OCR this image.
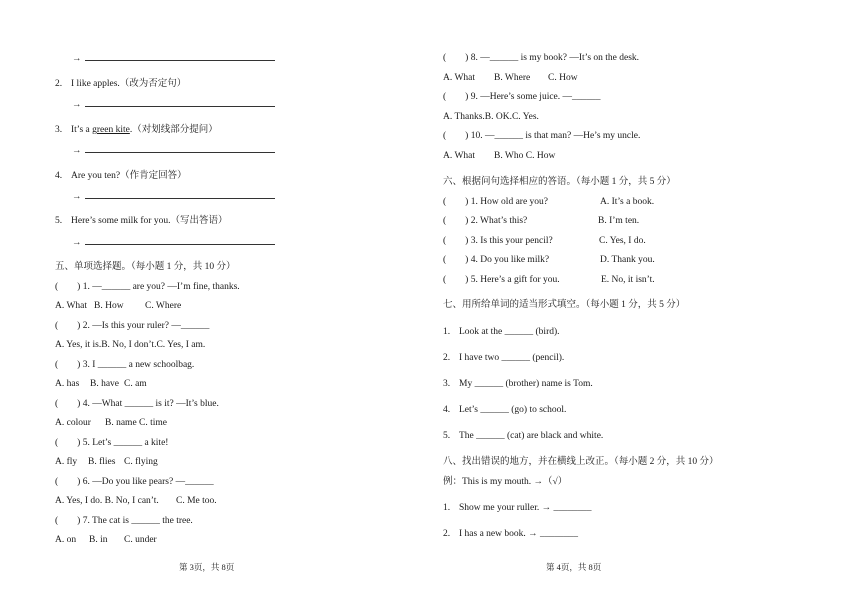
→
2. I like apples.（改为否定句）
→
3. It’s a green kite.（对划线部分提问）
→
4. Are you ten?（作肯定回答）
→
5. Here’s some milk for you.（写出答语）
→
五、单项选择题。（每小题 1 分，共 10 分）
(　　) 1. —______ are you? —I’m fine, thanks.
A. What B. How C. Where
(　　) 2. —Is this your ruler? —______
A. Yes, it is.B. No, I don’t.C. Yes, I am.
(　　) 3. I ______ a new schoolbag.
A. has B. have C. am
(　　) 4. —What ______ is it? —It’s blue.
A. colour B. name C. time
(　　) 5. Let’s ______ a kite!
A. fly B. flies C. flying
(　　) 6. —Do you like pears? —______
A. Yes, I do. B. No, I can’t. C. Me too.
(　　) 7. The cat is ______ the tree.
A. on B. in C. under
第 3页，共 8页
(　　) 8. —______ is my book? —It’s on the desk.
A. What B. Where C. How
(　　) 9. —Here’s some juice. —______
A. Thanks.B. OK.C. Yes.
(　　) 10. —______ is that man? —He’s my uncle.
A. What B. Who C. How
六、根据问句选择相应的答语。（每小题 1 分，共 5 分）
(　　) 1. How old are you?	A. It’s a book.
(　　) 2. What’s this?	B. I’m ten.
(　　) 3. Is this your pencil?	C. Yes, I do.
(　　) 4. Do you like milk?	D. Thank you.
(　　) 5. Here’s a gift for you.	E. No, it isn’t.
七、用所给单词的适当形式填空。（每小题 1 分，共 5 分）
1. Look at the ______ (bird).
2. I have two ______ (pencil).
3. My ______ (brother) name is Tom.
4. Let’s ______ (go) to school.
5. The ______ (cat) are black and white.
八、找出错误的地方，并在横线上改正。（每小题 2 分，共 10 分）
例：This is my mouth. →（√）
1. Show me your ruller. → ________
2. I has a new book. → ________
第 4页，共 8页
